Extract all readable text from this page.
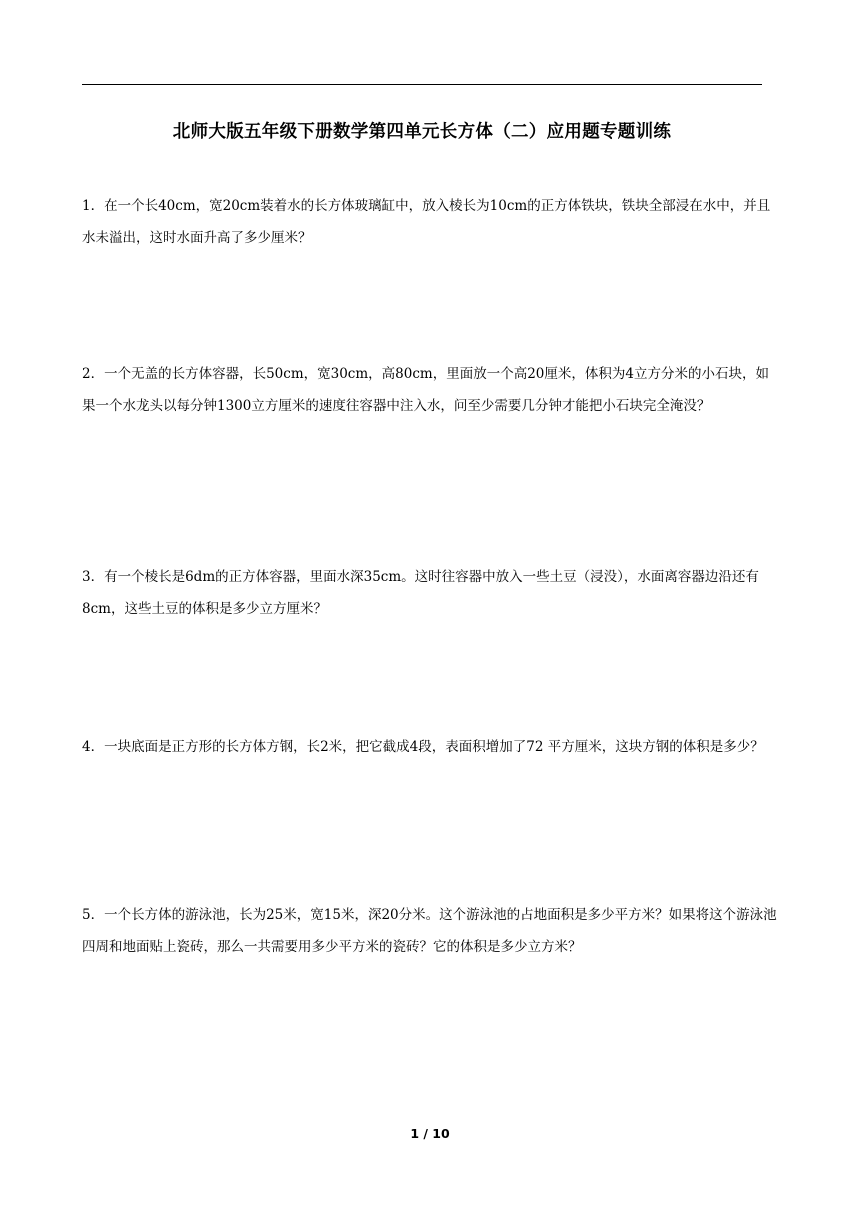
北师大版五年级下册数学第四单元长方体（二）应用题专题训练
1．在一个长40cm，宽20cm装着水的长方体玻璃缸中，放入棱长为10cm的正方体铁块，铁块全部浸在水中，并且水未溢出，这时水面升高了多少厘米？
2．一个无盖的长方体容器，长50cm，宽30cm，高80cm，里面放一个高20厘米，体积为4立方分米的小石块，如果一个水龙头以每分钟1300立方厘米的速度往容器中注入水，问至少需要几分钟才能把小石块完全淹没？
3．有一个棱长是6dm的正方体容器，里面水深35cm。这时往容器中放入一些土豆（浸没），水面离容器边沿还有8cm，这些土豆的体积是多少立方厘米？
4．一块底面是正方形的长方体方钢，长2米，把它截成4段，表面积增加了72 平方厘米，这块方钢的体积是多少？
5．一个长方体的游泳池，长为25米，宽15米，深20分米。这个游泳池的占地面积是多少平方米？如果将这个游泳池四周和地面贴上瓷砖，那么一共需要用多少平方米的瓷砖？它的体积是多少立方米？
1 / 10
